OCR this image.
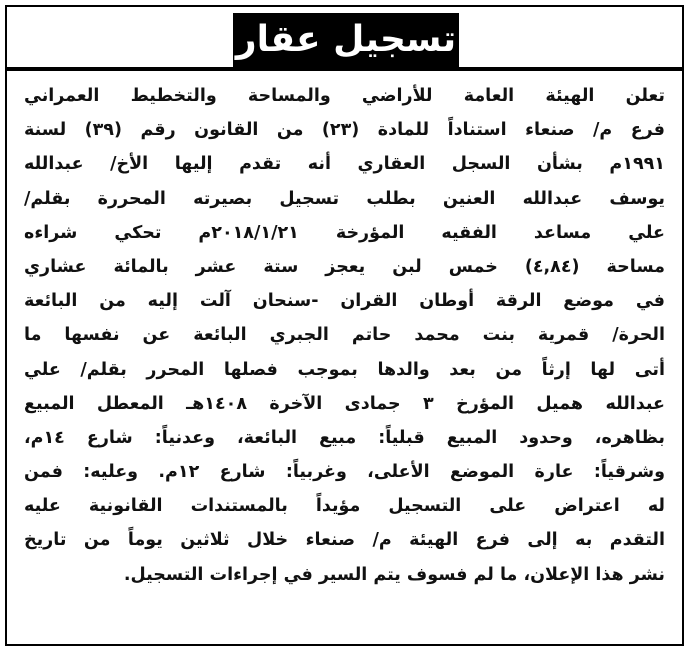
تسجيل عقار
تعلن الهيئة العامة للأراضي والمساحة والتخطيط العمراني
فرع م/ صنعاء استناداً للمادة (٢٣) من القانون رقم (٣٩) لسنة
١٩٩١م بشأن السجل العقاري أنه تقدم إليها الأخ/ عبدالله
يوسف عبدالله العنين بطلب تسجيل بصيرته المحررة بقلم/
علي مساعد الفقيه المؤرخة ٢٠١٨/١/٢١م تحكي شراءه
مساحة (٤,٨٤) خمس لبن يعجز ستة عشر بالمائة عشاري
في موضع الرقة أوطان القران -سنحان آلت إليه من البائعة
الحرة/ قمرية بنت محمد حاتم الجبري البائعة عن نفسها ما
أتى لها إرثاً من بعد والدها بموجب فصلها المحرر بقلم/ علي
عبدالله هميل المؤرخ ٣ جمادى الآخرة ١٤٠٨هـ المعطل المبيع
بظاهره، وحدود المبيع قبلياً: مبيع البائعة، وعدنياً: شارع ١٤م،
وشرقياً: عارة الموضع الأعلى، وغربياً: شارع ١٢م. وعليه: فمن
له اعتراض على التسجيل مؤيداً بالمستندات القانونية عليه
التقدم به إلى فرع الهيئة م/ صنعاء خلال ثلاثين يوماً من تاريخ
نشر هذا الإعلان، ما لم فسوف يتم السير في إجراءات التسجيل.
